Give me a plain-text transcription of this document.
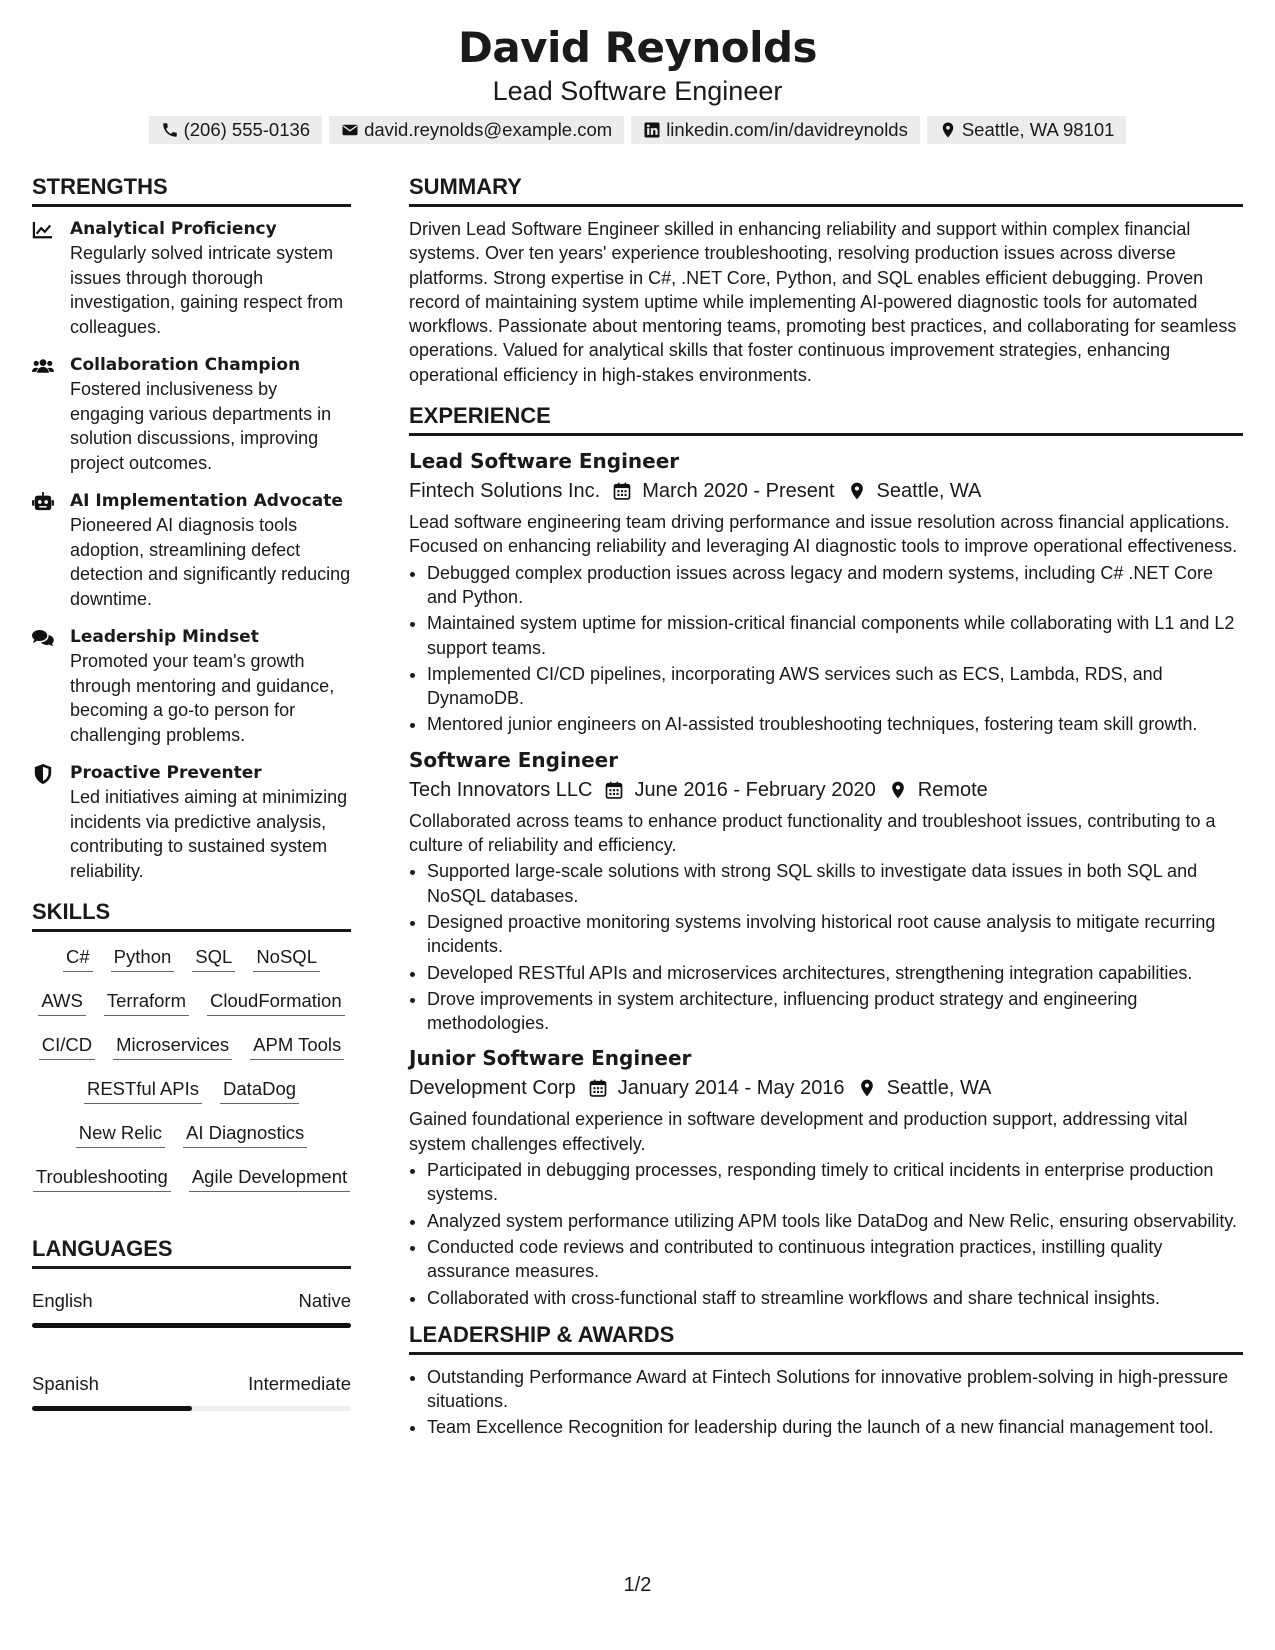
David Reynolds
Lead Software Engineer
(206) 555-0136	david.reynolds@example.com	linkedin.com/in/davidreynolds	Seattle, WA 98101
STRENGTHS
Analytical Proficiency
Regularly solved intricate system issues through thorough investigation, gaining respect from colleagues.
Collaboration Champion
Fostered inclusiveness by engaging various departments in solution discussions, improving project outcomes.
AI Implementation Advocate
Pioneered AI diagnosis tools adoption, streamlining defect detection and significantly reducing downtime.
Leadership Mindset
Promoted your team's growth through mentoring and guidance, becoming a go-to person for challenging problems.
Proactive Preventer
Led initiatives aiming at minimizing incidents via predictive analysis, contributing to sustained system reliability.
SKILLS
C# Python SQL NoSQL
AWS Terraform CloudFormation
CI/CD Microservices APM Tools
RESTful APIs DataDog
New Relic AI Diagnostics
Troubleshooting Agile Development
LANGUAGES
English	Native
Spanish	Intermediate
SUMMARY
Driven Lead Software Engineer skilled in enhancing reliability and support within complex financial systems. Over ten years' experience troubleshooting, resolving production issues across diverse platforms. Strong expertise in C#, .NET Core, Python, and SQL enables efficient debugging. Proven record of maintaining system uptime while implementing AI-powered diagnostic tools for automated workflows. Passionate about mentoring teams, promoting best practices, and collaborating for seamless operations. Valued for analytical skills that foster continuous improvement strategies, enhancing operational efficiency in high-stakes environments.
EXPERIENCE
Lead Software Engineer
Fintech Solutions Inc. March 2020 - Present Seattle, WA
Lead software engineering team driving performance and issue resolution across financial applications. Focused on enhancing reliability and leveraging AI diagnostic tools to improve operational effectiveness.
• Debugged complex production issues across legacy and modern systems, including C# .NET Core and Python.
• Maintained system uptime for mission-critical financial components while collaborating with L1 and L2 support teams.
• Implemented CI/CD pipelines, incorporating AWS services such as ECS, Lambda, RDS, and DynamoDB.
• Mentored junior engineers on AI-assisted troubleshooting techniques, fostering team skill growth.
Software Engineer
Tech Innovators LLC June 2016 - February 2020 Remote
Collaborated across teams to enhance product functionality and troubleshoot issues, contributing to a culture of reliability and efficiency.
• Supported large-scale solutions with strong SQL skills to investigate data issues in both SQL and NoSQL databases.
• Designed proactive monitoring systems involving historical root cause analysis to mitigate recurring incidents.
• Developed RESTful APIs and microservices architectures, strengthening integration capabilities.
• Drove improvements in system architecture, influencing product strategy and engineering methodologies.
Junior Software Engineer
Development Corp January 2014 - May 2016 Seattle, WA
Gained foundational experience in software development and production support, addressing vital system challenges effectively.
• Participated in debugging processes, responding timely to critical incidents in enterprise production systems.
• Analyzed system performance utilizing APM tools like DataDog and New Relic, ensuring observability.
• Conducted code reviews and contributed to continuous integration practices, instilling quality assurance measures.
• Collaborated with cross-functional staff to streamline workflows and share technical insights.
LEADERSHIP & AWARDS
• Outstanding Performance Award at Fintech Solutions for innovative problem-solving in high-pressure situations.
• Team Excellence Recognition for leadership during the launch of a new financial management tool.
1/2
